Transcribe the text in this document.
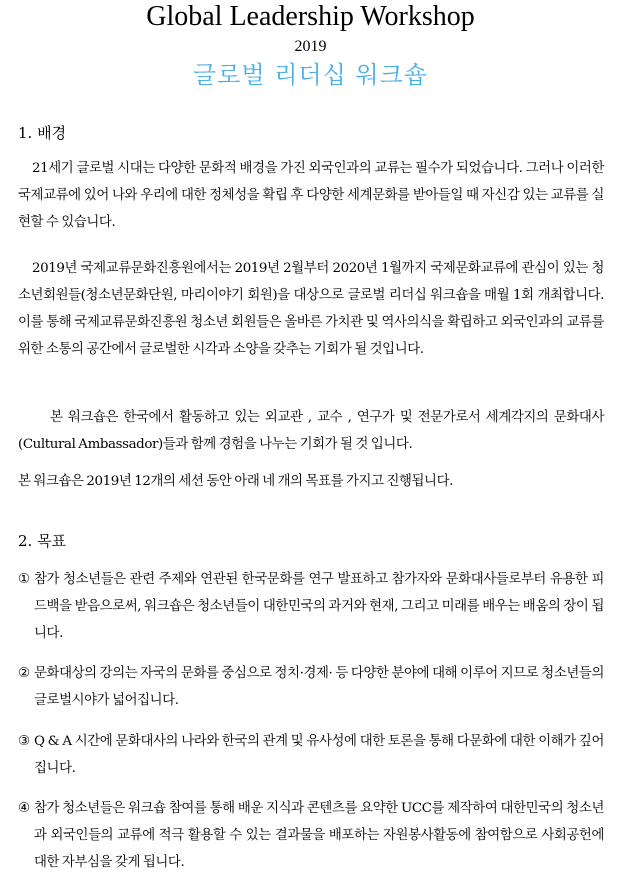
Global Leadership Workshop
2019
글로벌 리더십 워크숍
1. 배경
21세기 글로벌 시대는 다양한 문화적 배경을 가진 외국인과의 교류는 필수가 되었습니다. 그러나 이러한 국제교류에 있어 나와 우리에 대한 정체성을 확립 후 다양한 세계문화를 받아들일 때 자신감 있는 교류를 실현할 수 있습니다.
2019년 국제교류문화진흥원에서는 2019년 2월부터 2020년 1월까지 국제문화교류에 관심이 있는 청소년회원들(청소년문화단원, 마리이야기 회원)을 대상으로 글로벌 리더십 워크숍을 매월 1회 개최합니다. 이를 통해 국제교류문화진흥원 청소년 회원들은 올바른 가치관 및 역사의식을 확립하고 외국인과의 교류를 위한 소통의 공간에서 글로벌한 시각과 소양을 갖추는 기회가 될 것입니다.
본 워크숍은 한국에서 활동하고 있는 외교관 , 교수 , 연구가 및 전문가로서 세계각지의 문화대사(Cultural Ambassador)들과 함께 경험을 나누는 기회가 될 것 입니다.
본 워크숍은 2019년 12개의 세션 동안 아래 네 개의 목표를 가지고 진행됩니다.
2. 목표
① 참가 청소년들은 관련 주제와 연관된 한국문화를 연구 발표하고 참가자와 문화대사들로부터 유용한 피드백을 받음으로써, 워크숍은 청소년들이 대한민국의 과거와 현재, 그리고 미래를 배우는 배움의 장이 됩니다.
② 문화대상의 강의는 자국의 문화를 중심으로 정치·경제· 등 다양한 분야에 대해 이루어 지므로 청소년들의 글로벌시야가 넓어집니다.
③ Q & A 시간에 문화대사의 나라와 한국의 관계 및 유사성에 대한 토론을 통해 다문화에 대한 이해가 깊어집니다.
④ 참가 청소년들은 워크숍 참여를 통해 배운 지식과 콘텐츠를 요약한 UCC를 제작하여 대한민국의 청소년과 외국인들의 교류에 적극 활용할 수 있는 결과물을 배포하는 자원봉사활동에 참여함으로 사회공헌에 대한 자부심을 갖게 됩니다.
